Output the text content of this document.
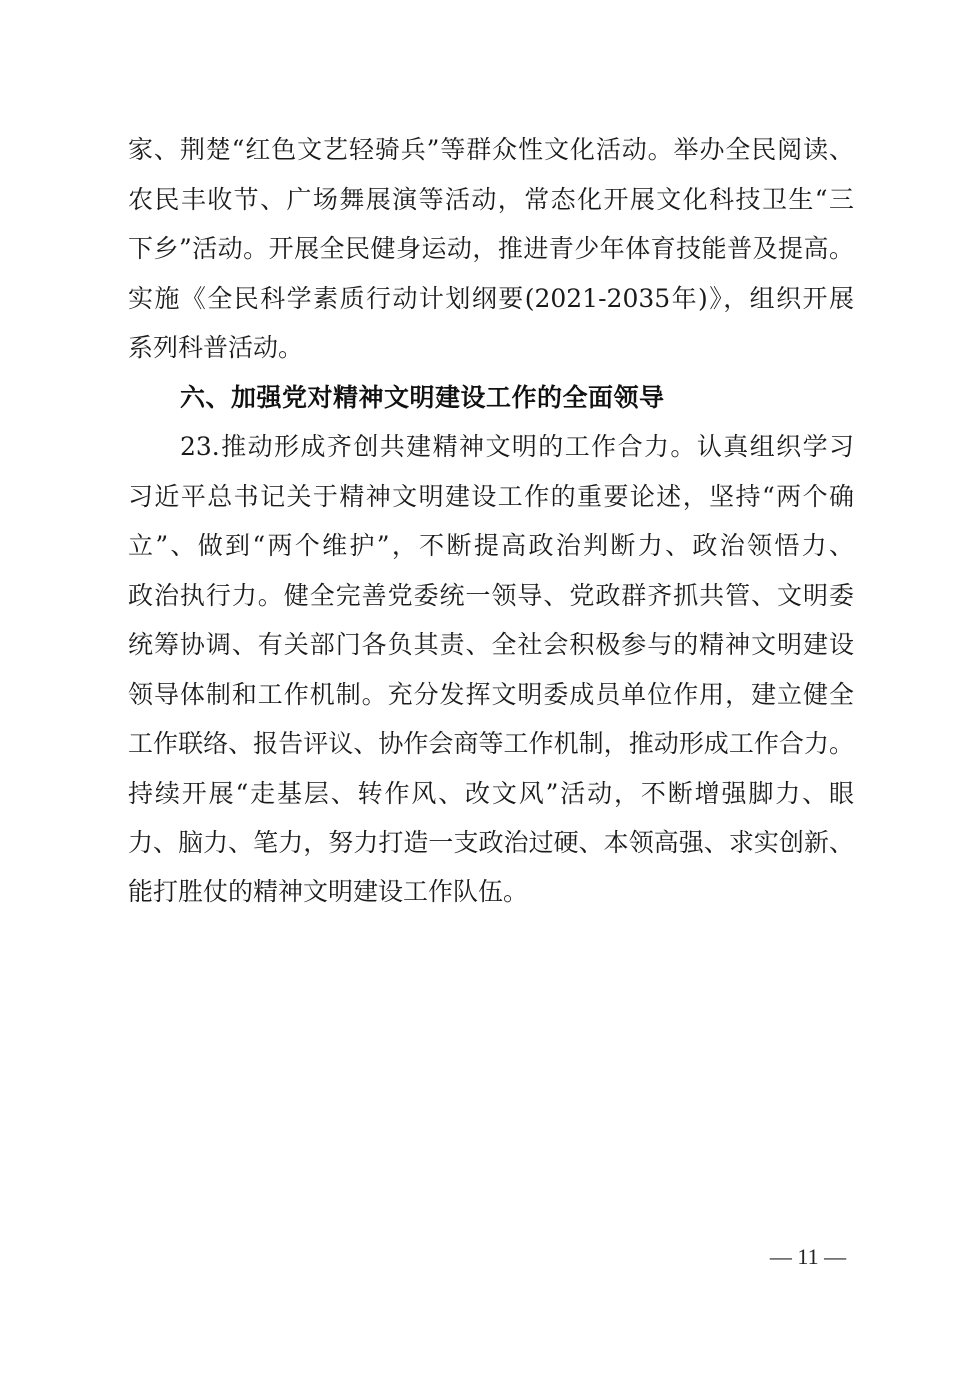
家、荆楚“红色文艺轻骑兵”等群众性文化活动。举办全民阅读、
农民丰收节、广场舞展演等活动，常态化开展文化科技卫生“三
下乡”活动。开展全民健身运动，推进青少年体育技能普及提高。
实施《全民科学素质行动计划纲要(2021-2035年)》，组织开展
系列科普活动。
六、加强党对精神文明建设工作的全面领导
23.推动形成齐创共建精神文明的工作合力。认真组织学习
习近平总书记关于精神文明建设工作的重要论述，坚持“两个确
立”、做到“两个维护”，不断提高政治判断力、政治领悟力、
政治执行力。健全完善党委统一领导、党政群齐抓共管、文明委
统筹协调、有关部门各负其责、全社会积极参与的精神文明建设
领导体制和工作机制。充分发挥文明委成员单位作用，建立健全
工作联络、报告评议、协作会商等工作机制，推动形成工作合力。
持续开展“走基层、转作风、改文风”活动，不断增强脚力、眼
力、脑力、笔力，努力打造一支政治过硬、本领高强、求实创新、
能打胜仗的精神文明建设工作队伍。
— 11 —
